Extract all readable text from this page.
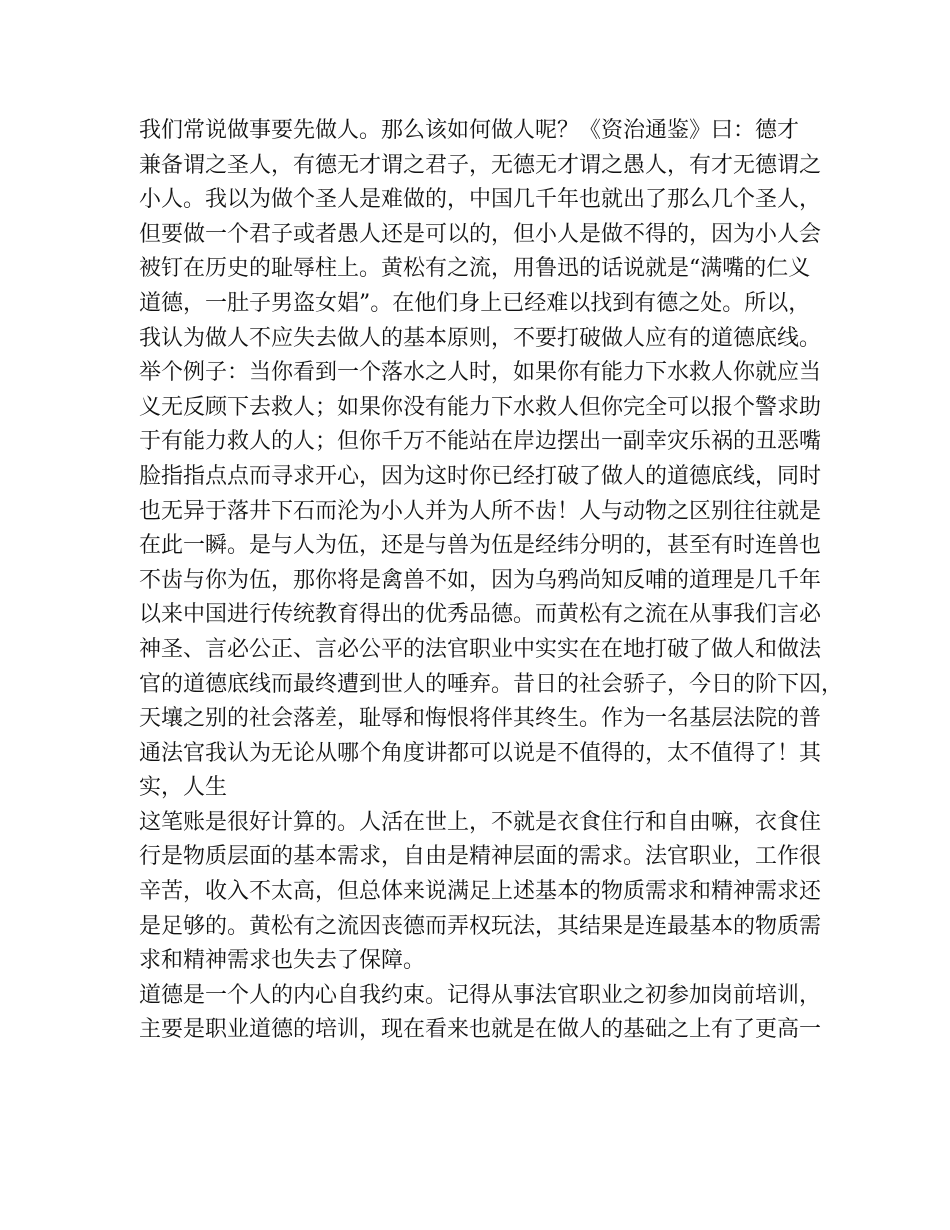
我们常说做事要先做人。那么该如何做人呢？《资治通鉴》曰：德才
兼备谓之圣人，有德无才谓之君子，无德无才谓之愚人，有才无德谓之
小人。我以为做个圣人是难做的，中国几千年也就出了那么几个圣人，
但要做一个君子或者愚人还是可以的，但小人是做不得的，因为小人会
被钉在历史的耻辱柱上。黄松有之流，用鲁迅的话说就是“满嘴的仁义
道德，一肚子男盗女娼”。在他们身上已经难以找到有德之处。所以，
我认为做人不应失去做人的基本原则，不要打破做人应有的道德底线。
举个例子：当你看到一个落水之人时，如果你有能力下水救人你就应当
义无反顾下去救人；如果你没有能力下水救人但你完全可以报个警求助
于有能力救人的人；但你千万不能站在岸边摆出一副幸灾乐祸的丑恶嘴
脸指指点点而寻求开心，因为这时你已经打破了做人的道德底线，同时
也无异于落井下石而沦为小人并为人所不齿！人与动物之区别往往就是
在此一瞬。是与人为伍，还是与兽为伍是经纬分明的，甚至有时连兽也
不齿与你为伍，那你将是禽兽不如，因为乌鸦尚知反哺的道理是几千年
以来中国进行传统教育得出的优秀品德。而黄松有之流在从事我们言必
神圣、言必公正、言必公平的法官职业中实实在在地打破了做人和做法
官的道德底线而最终遭到世人的唾弃。昔日的社会骄子，今日的阶下囚，
天壤之别的社会落差，耻辱和悔恨将伴其终生。作为一名基层法院的普
通法官我认为无论从哪个角度讲都可以说是不值得的，太不值得了！其
实，人生
这笔账是很好计算的。人活在世上，不就是衣食住行和自由嘛，衣食住
行是物质层面的基本需求，自由是精神层面的需求。法官职业，工作很
辛苦，收入不太高，但总体来说满足上述基本的物质需求和精神需求还
是足够的。黄松有之流因丧德而弄权玩法，其结果是连最基本的物质需
求和精神需求也失去了保障。
道德是一个人的内心自我约束。记得从事法官职业之初参加岗前培训，
主要是职业道德的培训，现在看来也就是在做人的基础之上有了更高一
